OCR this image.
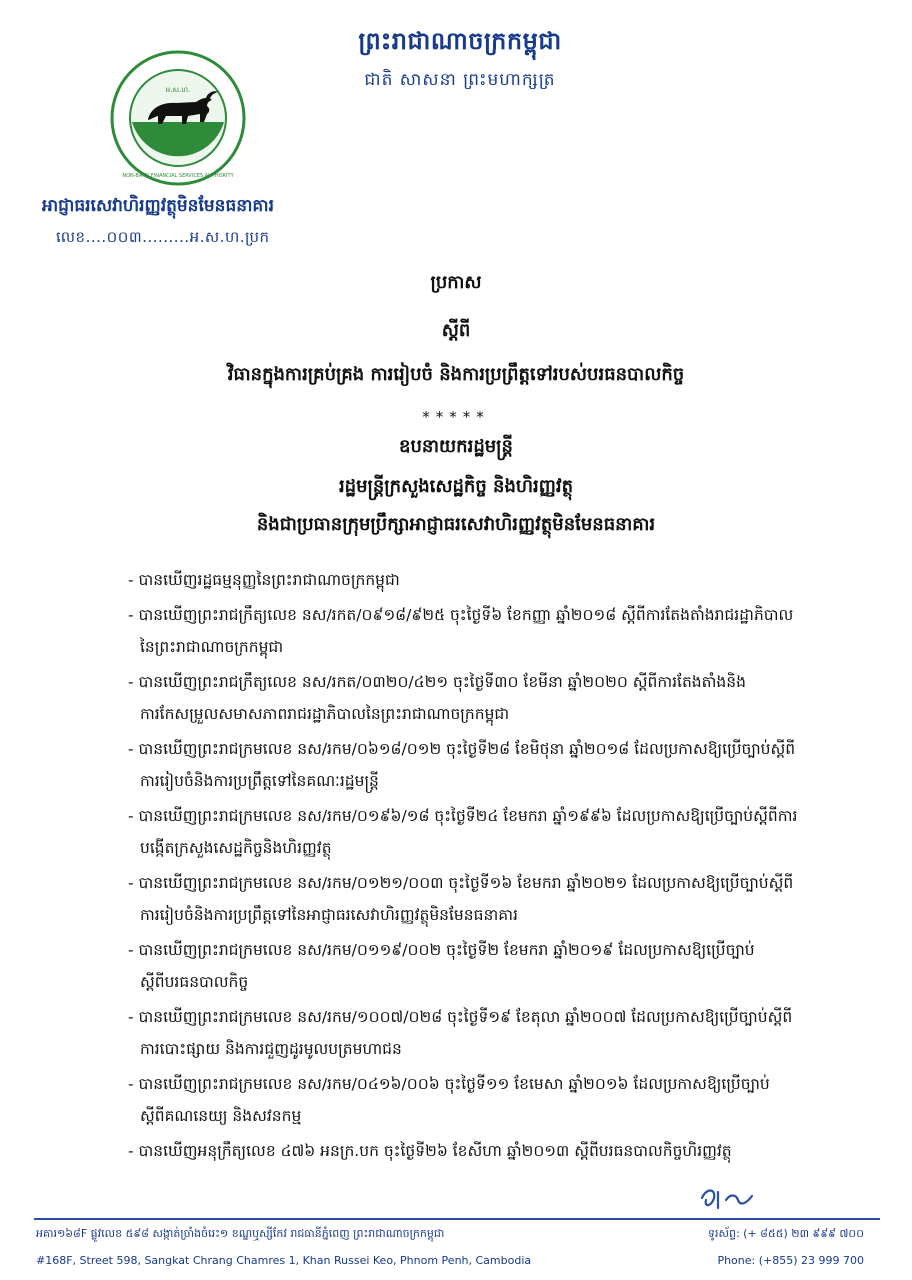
ព្រះរាជាណាចក្រកម្ពុជា
ជាតិ សាសនា ព្រះមហាក្សត្រ
អ.ស.ហ.
NON-BANK FINANCIAL SERVICES AUTHORITY
អាជ្ញាធរសេវាហិរញ្ញវត្ថុមិនមែនធនាគារ
លេខ....០០៣.........អ.ស.ហ.ប្រក
ប្រកាស
ស្តីពី
វិធានក្នុងការគ្រប់គ្រង ការរៀបចំ និងការប្រព្រឹត្តទៅរបស់បរធនបាលកិច្ច
*****
ឧបនាយករដ្ឋមន្ត្រី
រដ្ឋមន្ត្រីក្រសួងសេដ្ឋកិច្ច និងហិរញ្ញវត្ថុ
និងជាប្រធានក្រុមប្រឹក្សាអាជ្ញាធរសេវាហិរញ្ញវត្ថុមិនមែនធនាគារ
- បានឃើញរដ្ឋធម្មនុញ្ញនៃព្រះរាជាណាចក្រកម្ពុជា
- បានឃើញព្រះរាជក្រឹត្យលេខ នស/រកត/០៩១៨/៩២៥ ចុះថ្ងៃទី៦ ខែកញ្ញា ឆ្នាំ២០១៨ ស្តីពីការតែងតាំងរាជរដ្ឋាភិបាលនៃព្រះរាជាណាចក្រកម្ពុជា
- បានឃើញព្រះរាជក្រឹត្យលេខ នស/រកត/០៣២០/៤២១ ចុះថ្ងៃទី៣០ ខែមីនា ឆ្នាំ២០២០ ស្តីពីការតែងតាំងនិងការកែសម្រួលសមាសភាពរាជរដ្ឋាភិបាលនៃព្រះរាជាណាចក្រកម្ពុជា
- បានឃើញព្រះរាជក្រមលេខ នស/រកម/០៦១៨/០១២ ចុះថ្ងៃទី២៨ ខែមិថុនា ឆ្នាំ២០១៨ ដែលប្រកាសឱ្យប្រើច្បាប់ស្តីពីការរៀបចំនិងការប្រព្រឹត្តទៅនៃគណៈរដ្ឋមន្ត្រី
- បានឃើញព្រះរាជក្រមលេខ នស/រកម/០១៩៦/១៨ ចុះថ្ងៃទី២៤ ខែមករា ឆ្នាំ១៩៩៦ ដែលប្រកាសឱ្យប្រើច្បាប់ស្តីពីការបង្កើតក្រសួងសេដ្ឋកិច្ចនិងហិរញ្ញវត្ថុ
- បានឃើញព្រះរាជក្រមលេខ នស/រកម/០១២១/០០៣ ចុះថ្ងៃទី១៦ ខែមករា ឆ្នាំ២០២១ ដែលប្រកាសឱ្យប្រើច្បាប់ស្តីពីការរៀបចំនិងការប្រព្រឹត្តទៅនៃអាជ្ញាធរសេវាហិរញ្ញវត្ថុមិនមែនធនាគារ
- បានឃើញព្រះរាជក្រមលេខ នស/រកម/០១១៩/០០២ ចុះថ្ងៃទី២ ខែមករា ឆ្នាំ២០១៩ ដែលប្រកាសឱ្យប្រើច្បាប់ស្តីពីបរធនបាលកិច្ច
- បានឃើញព្រះរាជក្រមលេខ នស/រកម/១០០៧/០២៨ ចុះថ្ងៃទី១៩ ខែតុលា ឆ្នាំ២០០៧ ដែលប្រកាសឱ្យប្រើច្បាប់ស្តីពីការបោះផ្សាយ និងការជួញដូរមូលបត្រមហាជន
- បានឃើញព្រះរាជក្រមលេខ នស/រកម/០៤១៦/០០៦ ចុះថ្ងៃទី១១ ខែមេសា ឆ្នាំ២០១៦ ដែលប្រកាសឱ្យប្រើច្បាប់ស្តីពីគណនេយ្យ និងសវនកម្ម
- បានឃើញអនុក្រឹត្យលេខ ៤៧៦ អនក្រ.បក ចុះថ្ងៃទី២៦ ខែសីហា ឆ្នាំ២០១៣ ស្តីពីបរធនបាលកិច្ចហិរញ្ញវត្ថុ
អគារ១៦៨F ផ្លូវលេខ ៥៩៨ សង្កាត់ច្រាំងចំរេះ១ ខណ្ឌឬស្សីកែវ រាជធានីភ្នំពេញ ព្រះរាជាណាចក្រកម្ពុជា
#168F, Street 598, Sangkat Chrang Chamres 1, Khan Russei Keo, Phnom Penh, Cambodia
ទូរស័ព្ទ: (+ ៨៥៥) ២៣ ៩៩៩ ៧០០
Phone: (+855) 23 999 700
